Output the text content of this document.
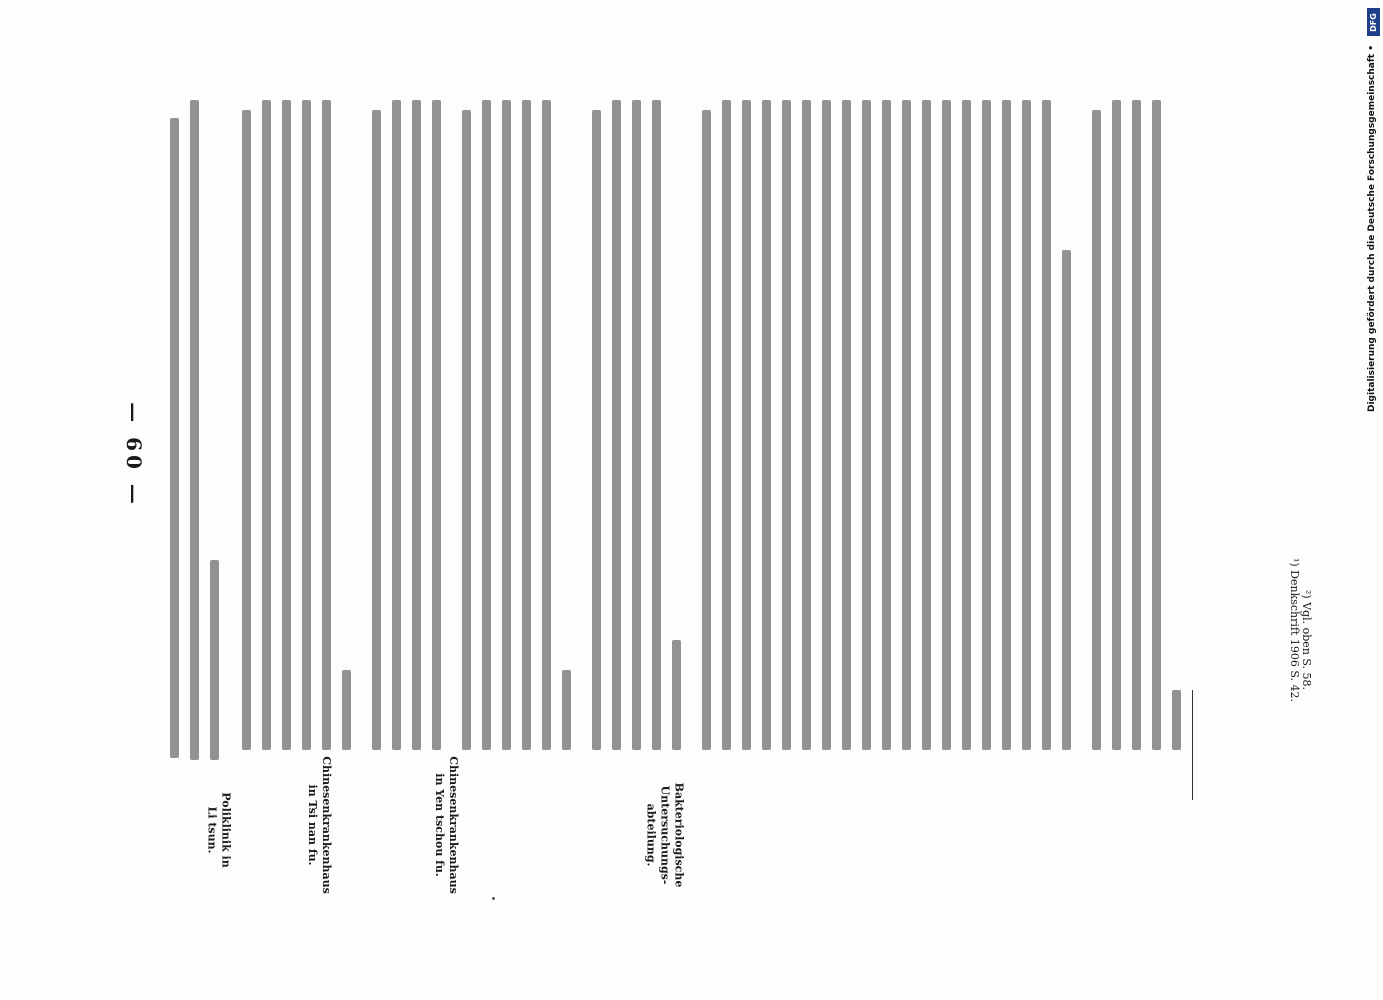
— 60 —
Poliklinik in
Li tsun.	Chinesenkrankenhaus
in Tsi nan fu.	Chinesenkrankenhaus
in Yen tschou fu.	Bakteriologische
Untersuchungs-
abteilung.
¹) Denkschrift 1906 S. 42. ²) Vgl. oben S. 58.
DFG
Digitalisierung gefördert durch die Deutsche Forschungsgemeinschaft •
